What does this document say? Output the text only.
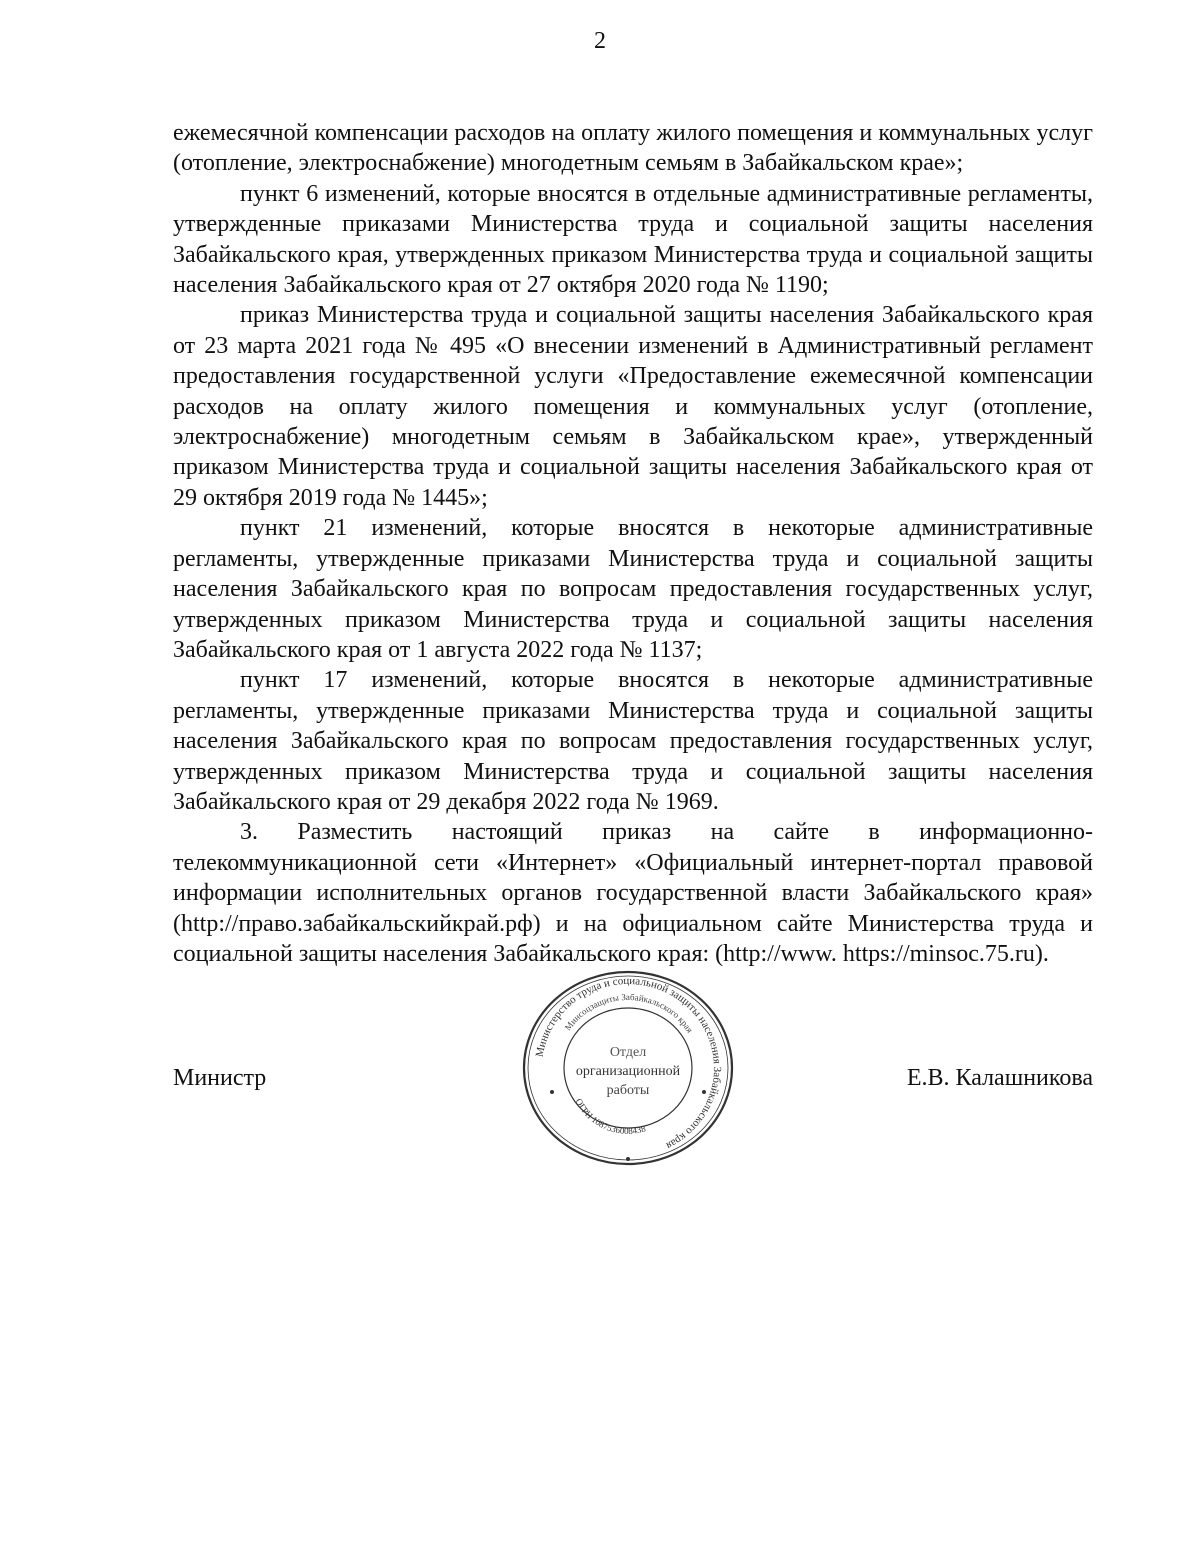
2

ежемесячной компенсации расходов на оплату жилого помещения и коммунальных услуг (отопление, электроснабжение) многодетным семьям в Забайкальском крае»;

пункт 6 изменений, которые вносятся в отдельные административные регламенты, утвержденные приказами Министерства труда и социальной защиты населения Забайкальского края, утвержденных приказом Министерства труда и социальной защиты населения Забайкальского края от 27 октября 2020 года № 1190;

приказ Министерства труда и социальной защиты населения Забайкальского края от 23 марта 2021 года № 495 «О внесении изменений в Административный регламент предоставления государственной услуги «Предоставление ежемесячной компенсации расходов на оплату жилого помещения и коммунальных услуг (отопление, электроснабжение) многодетным семьям в Забайкальском крае», утвержденный приказом Министерства труда и социальной защиты населения Забайкальского края от 29 октября 2019 года № 1445»;

пункт 21 изменений, которые вносятся в некоторые административные регламенты, утвержденные приказами Министерства труда и социальной защиты населения Забайкальского края по вопросам предоставления государственных услуг, утвержденных приказом Министерства труда и социальной защиты населения Забайкальского края от 1 августа 2022 года № 1137;

пункт 17 изменений, которые вносятся в некоторые административные регламенты, утвержденные приказами Министерства труда и социальной защиты населения Забайкальского края по вопросам предоставления государственных услуг, утвержденных приказом Министерства труда и социальной защиты населения Забайкальского края от 29 декабря 2022 года № 1969.

3. Разместить настоящий приказ на сайте в информационно-телекоммуникационной сети «Интернет» «Официальный интернет-портал правовой информации исполнительных органов государственной власти Забайкальского края» (http://право.забайкальскийкрай.рф) и на официальном сайте Министерства труда и социальной защиты населения Забайкальского края: (http://www. https://minsoc.75.ru).

Министр	Е.В. Калашникова
Министерство труда и социальной защиты населения Забайкальского края
Минсоцзащиты Забайкальского края
ОГРН 1087536008438
Отдел
организационной
работы
